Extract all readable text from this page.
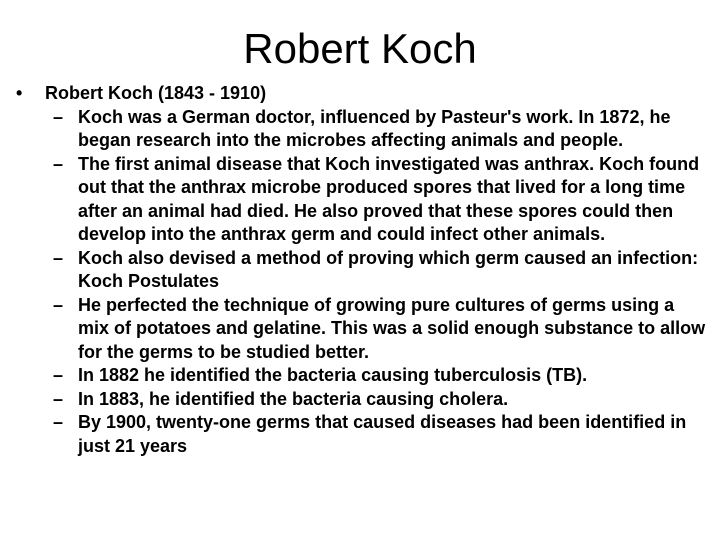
Robert Koch
•	Robert Koch (1843 - 1910)
– Koch was a German doctor, influenced by Pasteur's work. In 1872, he began research into the microbes affecting animals and people.
– The first animal disease that Koch investigated was anthrax. Koch found out that the anthrax microbe produced spores that lived for a long time after an animal had died. He also proved that these spores could then develop into the anthrax germ and could infect other animals.
– Koch also devised a method of proving which germ caused an infection: Koch Postulates
– He perfected the technique of growing pure cultures of germs using a mix of potatoes and gelatine. This was a solid enough substance to allow for the germs to be studied better.
– In 1882 he identified the bacteria causing tuberculosis (TB).
– In 1883, he identified the bacteria causing cholera.
– By 1900, twenty-one germs that caused diseases had been identified in just 21 years
